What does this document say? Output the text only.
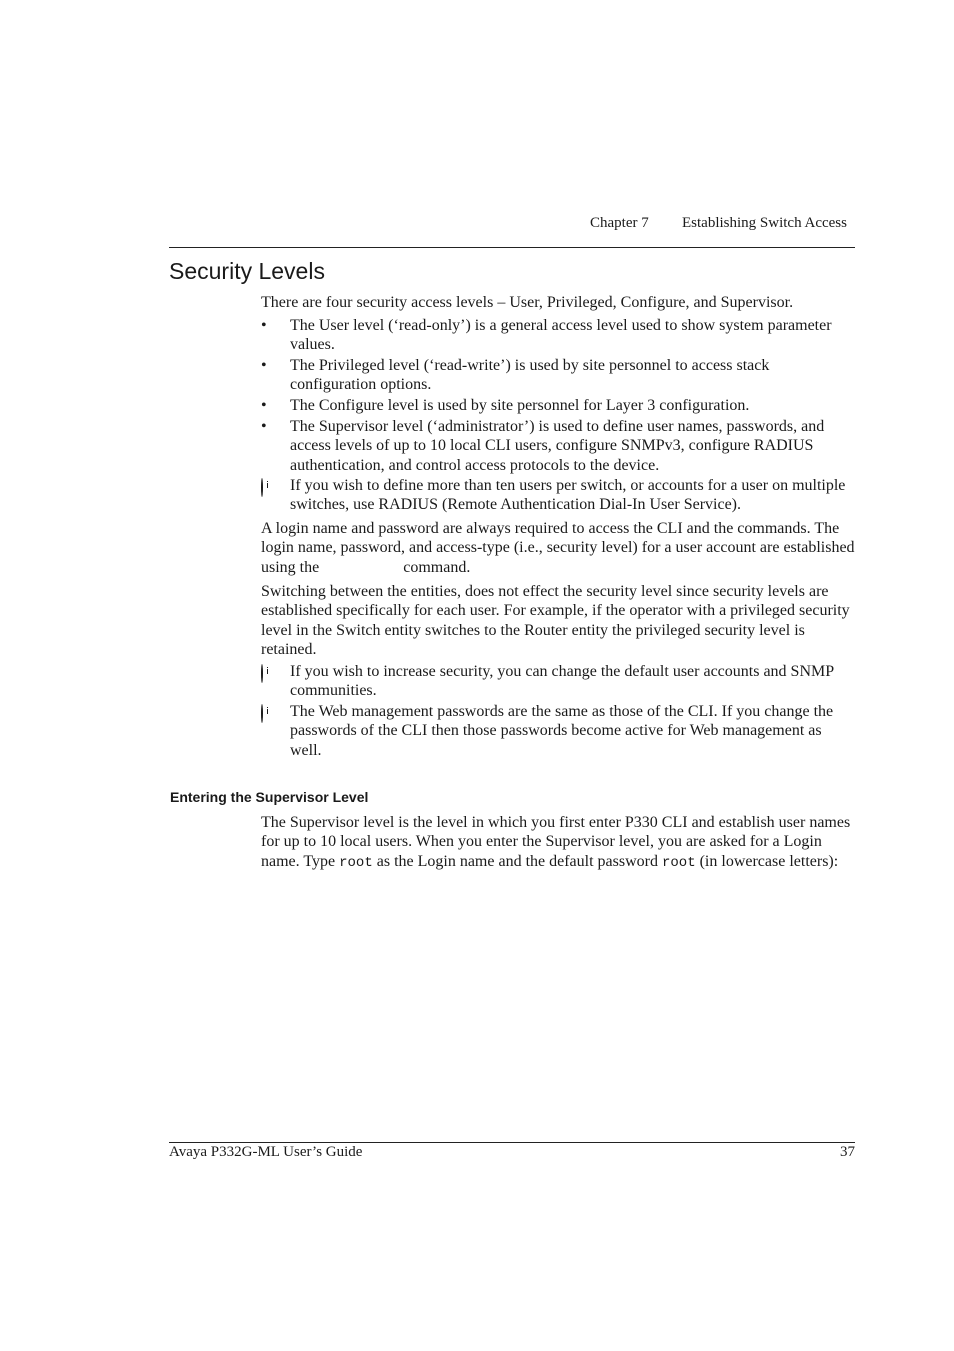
Chapter 7 Establishing Switch Access
Security Levels
There are four security access levels – User, Privileged, Configure, and Supervisor.
•	The User level (‘read-only’) is a general access level used to show system parameter values.
•	The Privileged level (‘read-write’) is used by site personnel to access stack configuration options.
•	The Configure level is used by site personnel for Layer 3 configuration.
•	The Supervisor level (‘administrator’) is used to define user names, passwords, and access levels of up to 10 local CLI users, configure SNMPv3, configure RADIUS authentication, and control access protocols to the device.
If you wish to define more than ten users per switch, or accounts for a user on multiple switches, use RADIUS (Remote Authentication Dial-In User Service).
A login name and password are always required to access the CLI and the commands. The login name, password, and access-type (i.e., security level) for a user account are established using the	command.
Switching between the entities, does not effect the security level since security levels are established specifically for each user. For example, if the operator with a privileged security level in the Switch entity switches to the Router entity the privileged security level is retained.
If you wish to increase security, you can change the default user accounts and SNMP communities.
The Web management passwords are the same as those of the CLI. If you change the passwords of the CLI then those passwords become active for Web management as well.
Entering the Supervisor Level
The Supervisor level is the level in which you first enter P330 CLI and establish user names for up to 10 local users. When you enter the Supervisor level, you are asked for a Login name. Type root as the Login name and the default password root (in lowercase letters):
Avaya P332G-ML User’s Guide	37
